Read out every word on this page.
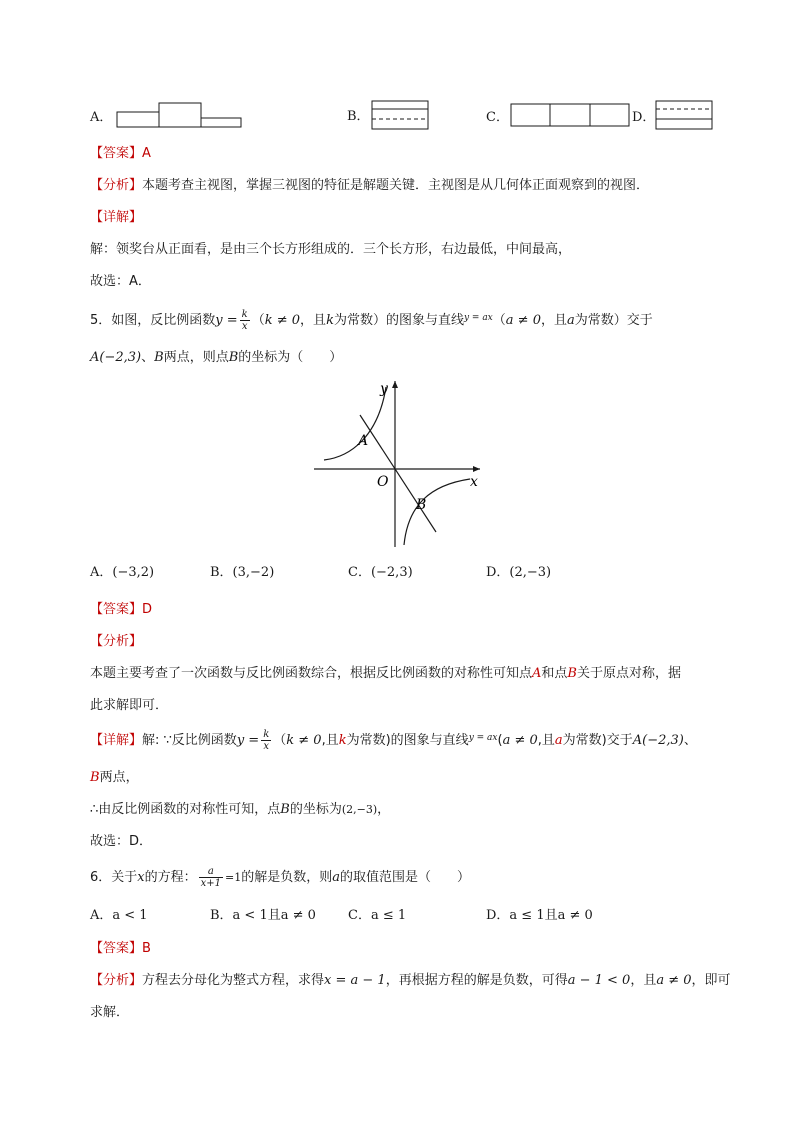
A．	B．	C．	D．
【答案】A
【分析】本题考查主视图，掌握三视图的特征是解题关键．主视图是从几何体正面观察到的视图．
【详解】
解：领奖台从正面看，是由三个长方形组成的．三个长方形，右边最低，中间最高，
故选：A．
5．如图，反比例函数$y = \frac{k}{x} (k \ne 0$，且k为常数）的图象与直线$^{y = ax}$（a ≠ 0，且a为常数）交于
A(−2,3)、B两点，则点B的坐标为（　　）
y
x
O
A
B
A．(−3,2)	B．(3,−2)	C．(−2,3)	D．(2,−3)
【答案】D
【分析】
本题主要考查了一次函数与反比例函数综合，根据反比例函数的对称性可知点A和点B关于原点对称，据
此求解即可．
【详解】解: ∵反比例函数$y = \frac{k}{x} (k \ne 0$,且k为常数)的图象与直线$^{y = ax}$(a ≠ 0,且a为常数)交于A(−2,3)、
B两点，
∴由反比例函数的对称性可知，点B的坐标为(2,−3)，
故选：D．
6．关于x的方程： $\frac{a}{x+1} =1$的解是负数，则a的取值范围是（　　）
A．a < 1	B．a < 1且a ≠ 0 C．a ≤ 1	D．a ≤ 1且a ≠ 0
【答案】B
【分析】方程去分母化为整式方程，求得x = a − 1，再根据方程的解是负数，可得a − 1 < 0，且a ≠ 0，即可
求解．
